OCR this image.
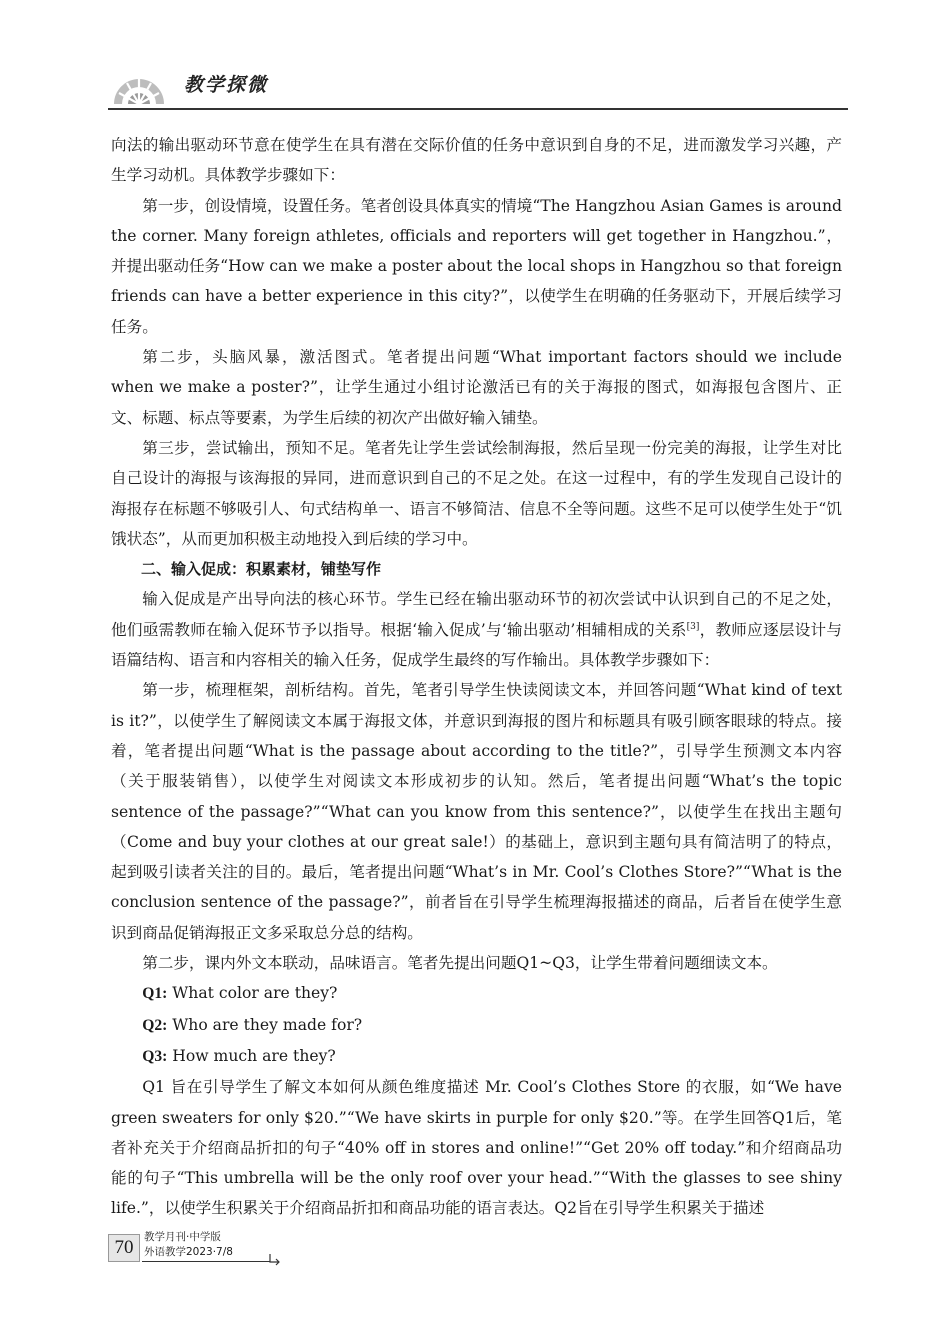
教学探微

向法的输出驱动环节意在使学生在具有潜在交际价值的任务中意识到自身的不足，进而激发学习兴趣，产生学习动机。具体教学步骤如下：

第一步，创设情境，设置任务。笔者创设具体真实的情境“The Hangzhou Asian Games is around the corner. Many foreign athletes, officials and reporters will get together in Hangzhou.”，并提出驱动任务“How can we make a poster about the local shops in Hangzhou so that foreign friends can have a better experience in this city?”，以使学生在明确的任务驱动下，开展后续学习任务。

第二步，头脑风暴，激活图式。笔者提出问题“What important factors should we include when we make a poster?”，让学生通过小组讨论激活已有的关于海报的图式，如海报包含图片、正文、标题、标点等要素，为学生后续的初次产出做好输入铺垫。

第三步，尝试输出，预知不足。笔者先让学生尝试绘制海报，然后呈现一份完美的海报，让学生对比自己设计的海报与该海报的异同，进而意识到自己的不足之处。在这一过程中，有的学生发现自己设计的海报存在标题不够吸引人、句式结构单一、语言不够简洁、信息不全等问题。这些不足可以使学生处于“饥饿状态”，从而更加积极主动地投入到后续的学习中。

二、输入促成：积累素材，铺垫写作

输入促成是产出导向法的核心环节。学生已经在输出驱动环节的初次尝试中认识到自己的不足之处，他们亟需教师在输入促环节予以指导。根据‘输入促成’与‘输出驱动’相辅相成的关系[3]，教师应逐层设计与语篇结构、语言和内容相关的输入任务，促成学生最终的写作输出。具体教学步骤如下：

第一步，梳理框架，剖析结构。首先，笔者引导学生快读阅读文本，并回答问题“What kind of text is it?”，以使学生了解阅读文本属于海报文体，并意识到海报的图片和标题具有吸引顾客眼球的特点。接着，笔者提出问题“What is the passage about according to the title?”，引导学生预测文本内容（关于服装销售），以使学生对阅读文本形成初步的认知。然后，笔者提出问题“What’s the topic sentence of the passage?”“What can you know from this sentence?”，以使学生在找出主题句（Come and buy your clothes at our great sale!）的基础上，意识到主题句具有简洁明了的特点，起到吸引读者关注的目的。最后，笔者提出问题“What’s in Mr. Cool’s Clothes Store?”“What is the conclusion sentence of the passage?”，前者旨在引导学生梳理海报描述的商品，后者旨在使学生意识到商品促销海报正文多采取总分总的结构。

第二步，课内外文本联动，品味语言。笔者先提出问题Q1~Q3，让学生带着问题细读文本。

Q1: What color are they?

Q2: Who are they made for?

Q3: How much are they?

Q1 旨在引导学生了解文本如何从颜色维度描述 Mr. Cool’s Clothes Store 的衣服，如“We have green sweaters for only $20.”“We have skirts in purple for only $20.”等。在学生回答Q1后，笔者补充关于介绍商品折扣的句子“40% off in stores and online!”“Get 20% off today.”和介绍商品功能的句子“This umbrella will be the only roof over your head.”“With the glasses to see shiny life.”，以使学生积累关于介绍商品折扣和商品功能的语言表达。Q2旨在引导学生积累关于描述

70	教学月刊·中学版
外语教学2023·7/8
